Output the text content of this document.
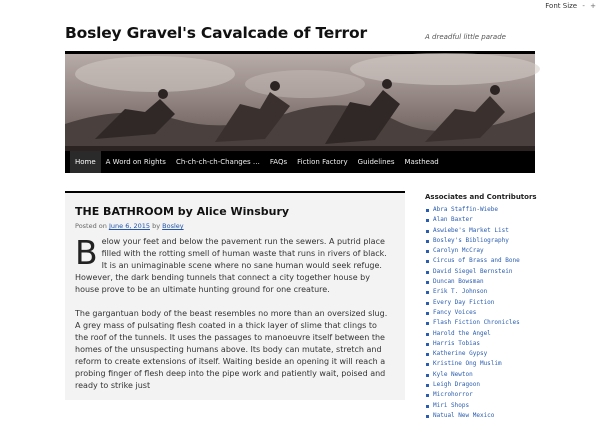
Font Size - +
Bosley Gravel's Cavalcade of Terror	A dreadful little parade
Home	A Word on Rights	Ch-ch-ch-ch-Changes …	FAQs	Fiction Factory	Guidelines	Masthead
THE BATHROOM by Alice Winsbury
Posted on June 6, 2015 by Bosley

Below your feet and below the pavement run the sewers. A putrid place filled with the rotting smell of human waste that runs in rivers of black. It is an unimaginable scene where no sane human would seek refuge. However, the dark bending tunnels that connect a city together house by house prove to be an ultimate hunting ground for one creature.

The gargantuan body of the beast resembles no more than an oversized slug. A grey mass of pulsating flesh coated in a thick layer of slime that clings to the roof of the tunnels. It uses the passages to manoeuvre itself between the homes of the unsuspecting humans above. Its body can mutate, stretch and reform to create extensions of itself. Waiting beside an opening it will reach a probing finger of flesh deep into the pipe work and patiently wait, poised and ready to strike just

Associates and Contributors
Abra Staffin-Wiebe
Alan Baxter
Aswiebe's Market List
Bosley's Bibliography
Carolyn McCray
Circus of Brass and Bone
David Siegel Bernstein
Duncan Bowsman
Erik T. Johnson
Every Day Fiction
Fancy Voices
Flash Fiction Chronicles
Harold the Angel
Harris Tobias
Katherine Gypsy
Kristine Ong Muslim
Kyle Newton
Leigh Dragoon
Microhorror
Miri Shops
Natual New Mexico
